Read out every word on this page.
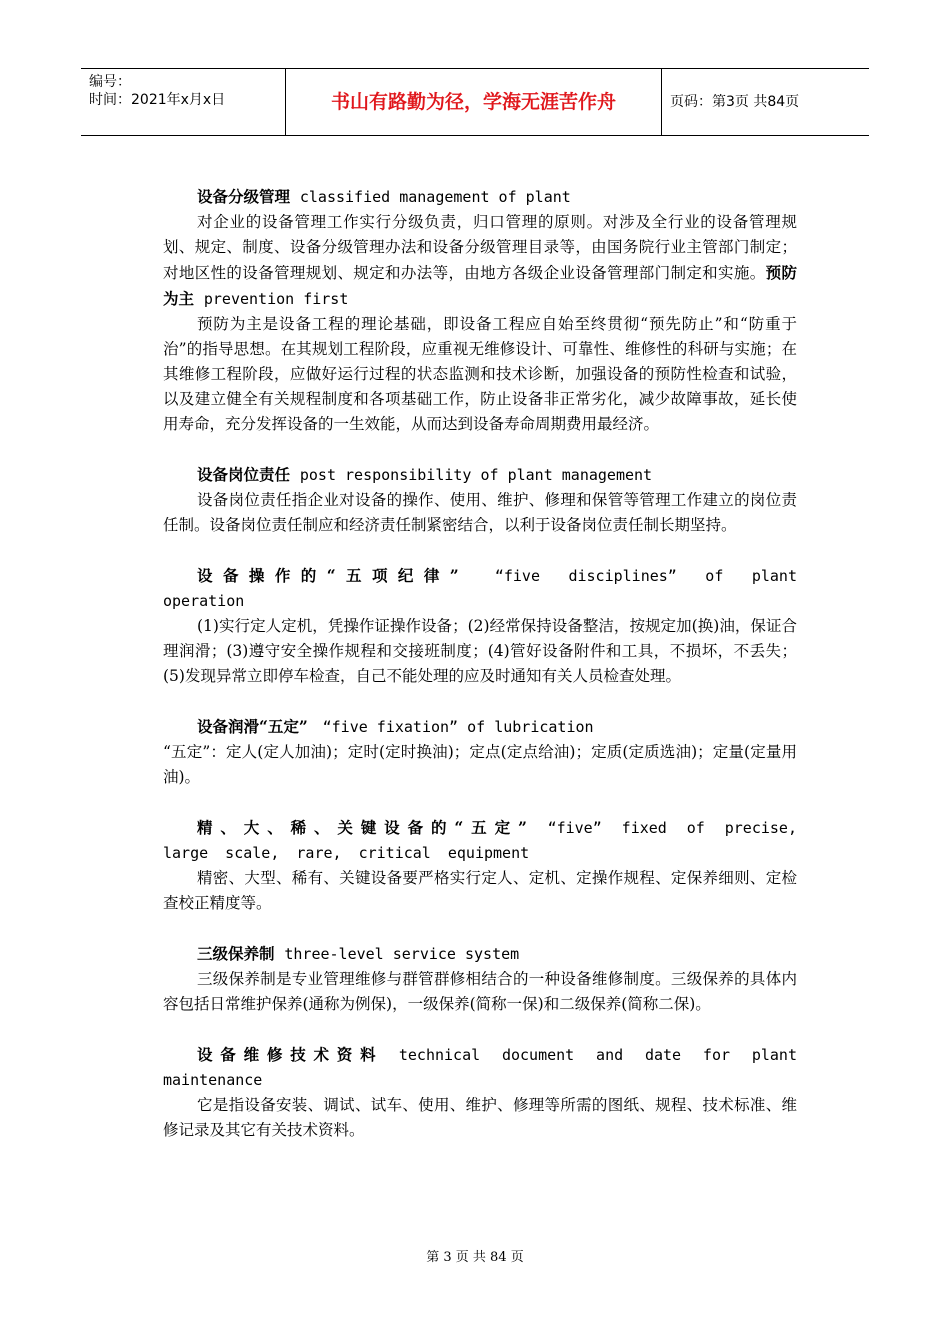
编号：
时间：2021年x月x日	书山有路勤为径，学海无涯苦作舟	页码：第3页 共84页

设备分级管理 classified management of plant

对企业的设备管理工作实行分级负责，归口管理的原则。对涉及全行业的设备管理规划、规定、制度、设备分级管理办法和设备分级管理目录等，由国务院行业主管部门制定；对地区性的设备管理规划、规定和办法等，由地方各级企业设备管理部门制定和实施。预防为主 prevention first

预防为主是设备工程的理论基础，即设备工程应自始至终贯彻“预先防止”和“防重于治”的指导思想。在其规划工程阶段，应重视无维修设计、可靠性、维修性的科研与实施；在其维修工程阶段，应做好运行过程的状态监测和技术诊断，加强设备的预防性检查和试验，以及建立健全有关规程制度和各项基础工作，防止设备非正常劣化，减少故障事故，延长使用寿命，充分发挥设备的一生效能，从而达到设备寿命周期费用最经济。

设备岗位责任 post responsibility of plant management

设备岗位责任指企业对设备的操作、使用、维护、修理和保管等管理工作建立的岗位责任制。设备岗位责任制应和经济责任制紧密结合，以利于设备岗位责任制长期坚持。

设备操作的“五项纪律” “five disciplines” of plant operation

(1)实行定人定机，凭操作证操作设备；(2)经常保持设备整洁，按规定加(换)油，保证合理润滑；(3)遵守安全操作规程和交接班制度；(4)管好设备附件和工具，不损坏，不丢失；(5)发现异常立即停车检查，自己不能处理的应及时通知有关人员检查处理。

设备润滑“五定” “five fixation” of lubrication

“五定”：定人(定人加油)；定时(定时换油)；定点(定点给油)；定质(定质选油)；定量(定量用油)。

精、大、稀、关键设备的“五定” “five” fixed of precise, large scale, rare, critical equipment

精密、大型、稀有、关键设备要严格实行定人、定机、定操作规程、定保养细则、定检查校正精度等。

三级保养制 three-level service system

三级保养制是专业管理维修与群管群修相结合的一种设备维修制度。三级保养的具体内容包括日常维护保养(通称为例保)，一级保养(简称一保)和二级保养(简称二保)。

设备维修技术资料 technical document and date for plant maintenance

它是指设备安装、调试、试车、使用、维护、修理等所需的图纸、规程、技术标准、维修记录及其它有关技术资料。

第 3 页 共 84 页
